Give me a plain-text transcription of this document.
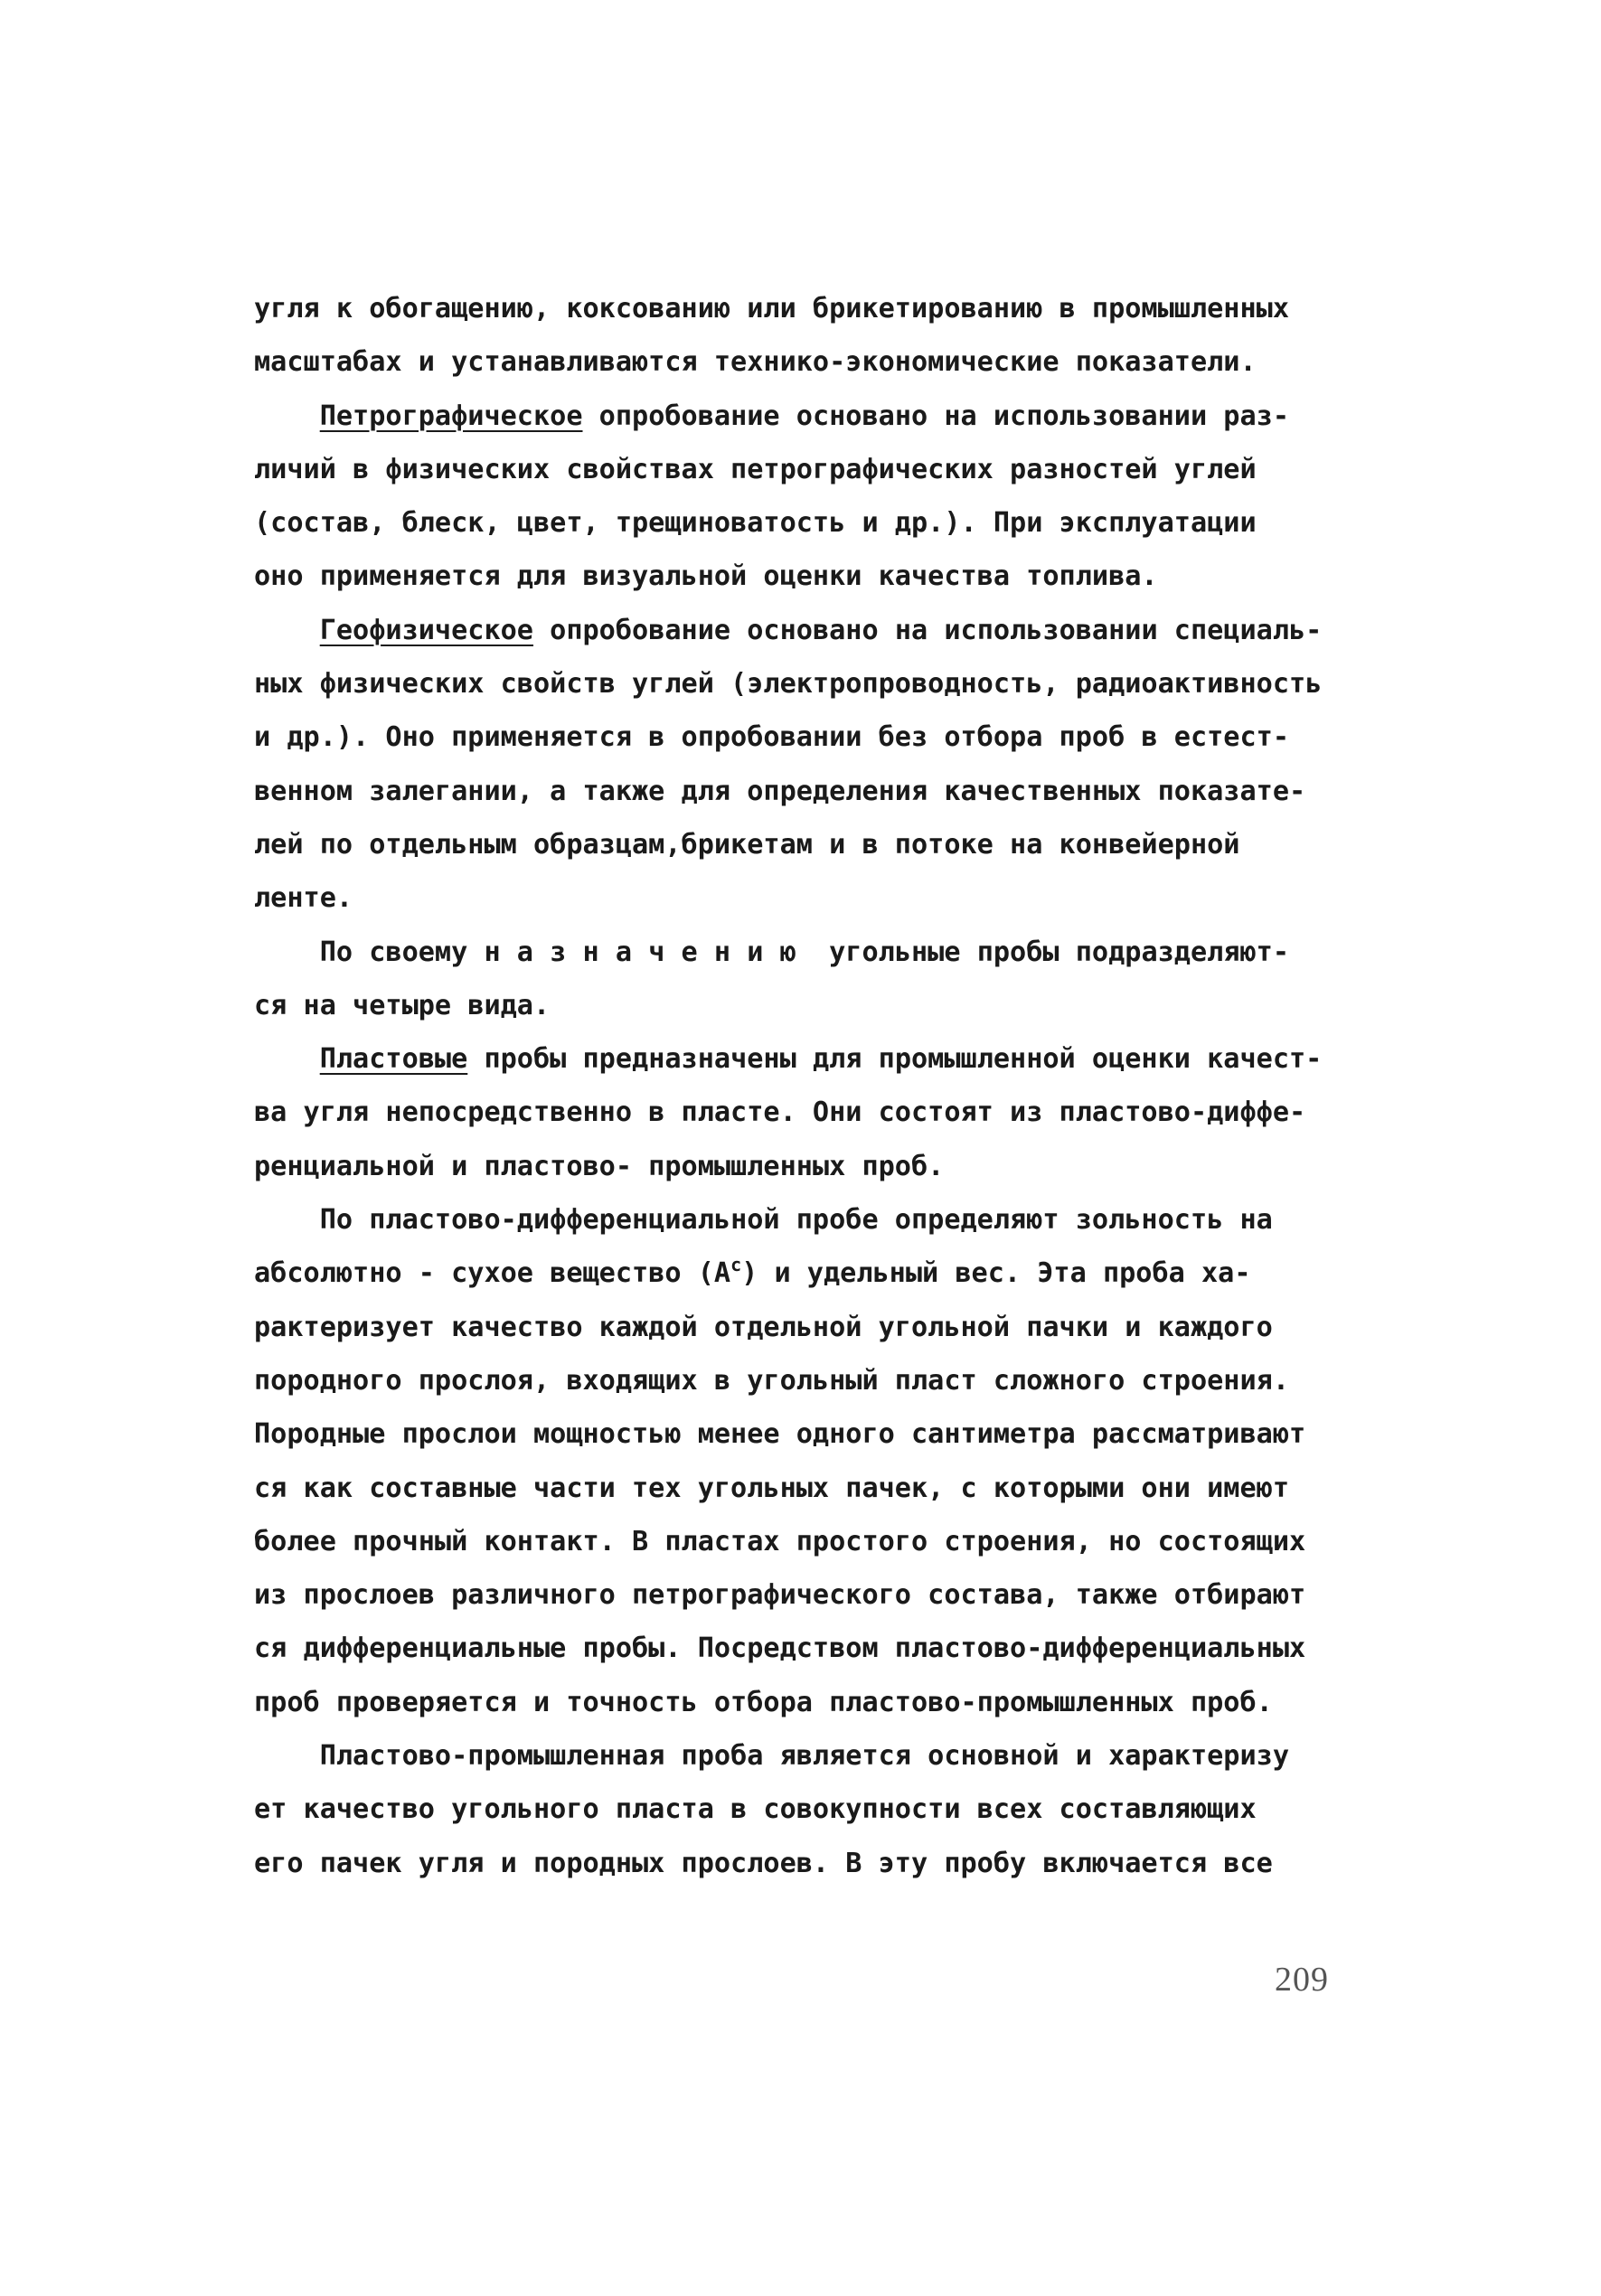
угля к обогащению, коксованию или брикетированию в промышленных
масштабах и устанавливаются технико-экономические показатели.
Петрографическое опробование основано на использовании раз-
личий в физических свойствах петрографических разностей углей
(состав, блеск, цвет, трещиноватость и др.). При эксплуатации
оно применяется для визуальной оценки качества топлива.
Геофизическое опробование основано на использовании специаль-
ных физических свойств углей (электропроводность, радиоактивность
и др.). Оно применяется в опробовании без отбора проб в естест-
венном залегании, а также для определения качественных показате-
лей по отдельным образцам,брикетам и в потоке на конвейерной
ленте.
По своему н а з н а ч е н и ю  угольные пробы подразделяют-
ся на четыре вида.
Пластовые пробы предназначены для промышленной оценки качест-
ва угля непосредственно в пласте. Они состоят из пластово-диффе-
ренциальной и пластово- промышленных проб.
По пластово-дифференциальной пробе определяют зольность на
абсолютно - сухое вещество $(A^c)$ и удельный вес. Эта проба ха-
рактеризует качество каждой отдельной угольной пачки и каждого
породного прослоя, входящих в угольный пласт сложного строения.
Породные прослои мощностью менее одного сантиметра рассматривают
ся как составные части тех угольных пачек, с которыми они имеют
более прочный контакт. В пластах простого строения, но состоящих
из прослоев различного петрографического состава, также отбирают
ся дифференциальные пробы. Посредством пластово-дифференциальных
проб проверяется и точность отбора пластово-промышленных проб.
Пластово-промышленная проба является основной и характеризу
ет качество угольного пласта в совокупности всех составляющих
его пачек угля и породных прослоев. В эту пробу включается все
209
